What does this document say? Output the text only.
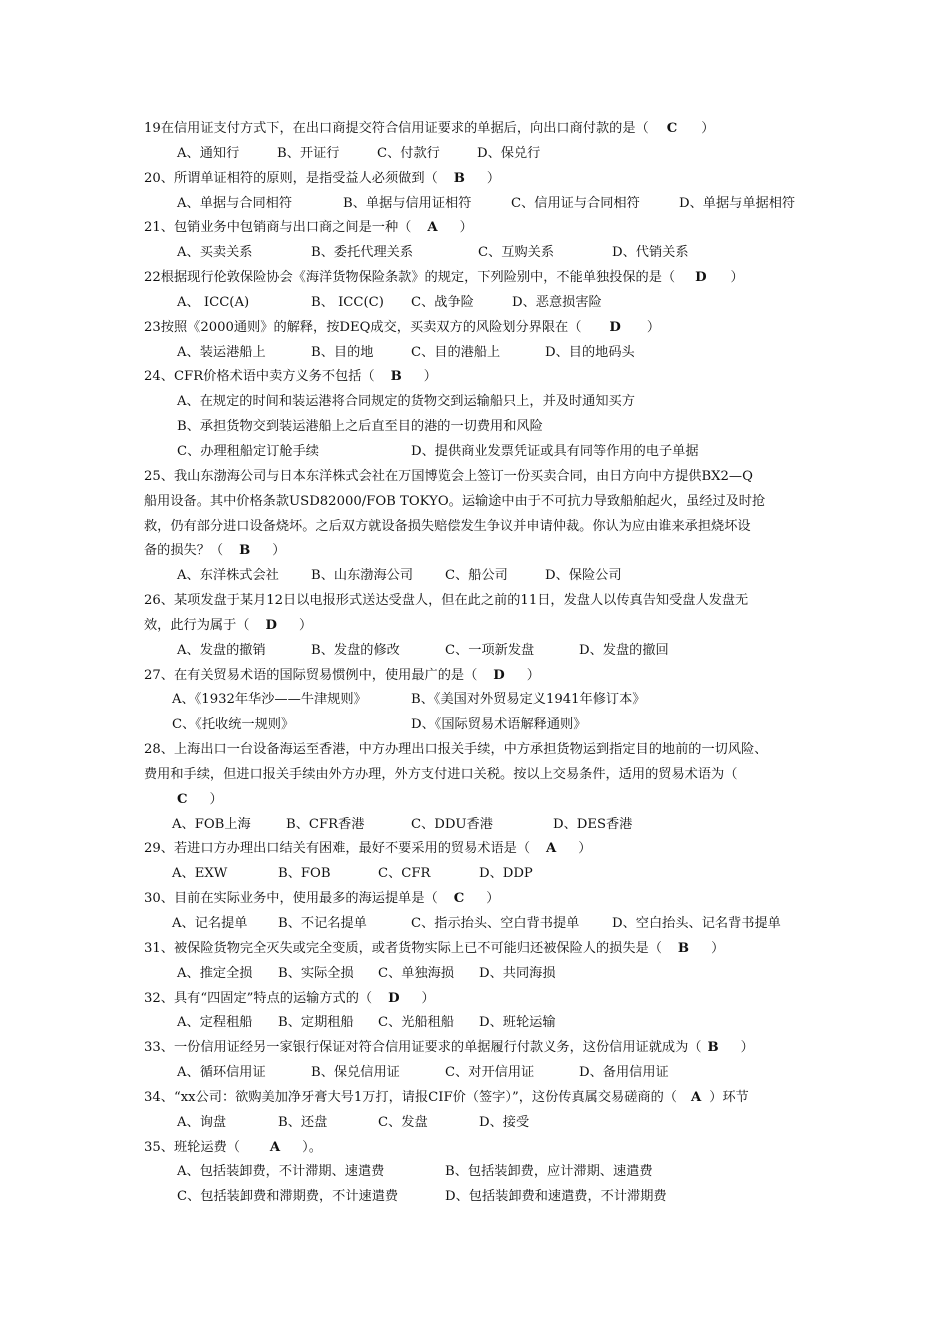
19在信用证支付方式下，在出口商提交符合信用证要求的单据后，向出口商付款的是（ C ）
A、通知行	B、开证行	C、付款行	D、保兑行
20、所谓单证相符的原则，是指受益人必须做到（ B ）
A、单据与合同相符	B、单据与信用证相符	C、信用证与合同相符	D、单据与单据相符
21、包销业务中包销商与出口商之间是一种（ A ）
A、买卖关系	B、委托代理关系	C、互购关系	D、代销关系
22根据现行伦敦保险协会《海洋货物保险条款》的规定，下列险别中，不能单独投保的是（ D ）
A、 ICC(A)	B、 ICC(C) C、战争险	D、恶意损害险
23按照《2000通则》的解释，按DEQ成交，买卖双方的风险划分界限在（ D ）
A、装运港船上	B、目的地	C、目的港船上	D、目的地码头
24、CFR价格术语中卖方义务不包括（ B ）
A、在规定的时间和装运港将合同规定的货物交到运输船只上，并及时通知买方
B、承担货物交到装运港船上之后直至目的港的一切费用和风险
C、办理租船定订舱手续	D、提供商业发票凭证或具有同等作用的电子单据
25、我山东渤海公司与日本东洋株式会社在万国博览会上签订一份买卖合同，由日方向中方提供BX2—Q
船用设备。其中价格条款USD82000/FOB TOKYO。运输途中由于不可抗力导致船舶起火，虽经过及时抢
救，仍有部分进口设备烧坏。之后双方就设备损失赔偿发生争议并申请仲裁。你认为应由谁来承担烧坏设
备的损失？（ B ）
A、东洋株式会社 B、山东渤海公司 C、船公司	D、保险公司
26、某项发盘于某月12日以电报形式送达受盘人，但在此之前的11日，发盘人以传真告知受盘人发盘无
效，此行为属于（ D ）
A、发盘的撤销	B、发盘的修改	C、一项新发盘	D、发盘的撤回
27、在有关贸易术语的国际贸易惯例中，使用最广的是（ D ）
A、《1932年华沙——牛津规则》	B、《美国对外贸易定义1941年修订本》
C、《托收统一规则》	D、《国际贸易术语解释通则》
28、上海出口一台设备海运至香港，中方办理出口报关手续，中方承担货物运到指定目的地前的一切风险、
费用和手续，但进口报关手续由外方办理，外方支付进口关税。按以上交易条件，适用的贸易术语为（
C ）
A、FOB上海	B、CFR香港	C、DDU香港	D、DES香港
29、若进口方办理出口结关有困难，最好不要采用的贸易术语是（ A ）
A、EXW	B、FOB	C、CFR	D、DDP
30、目前在实际业务中，使用最多的海运提单是（ C ）
A、记名提单 B、不记名提单	C、指示抬头、空白背书提单 D、空白抬头、记名背书提单
31、被保险货物完全灭失或完全变质，或者货物实际上已不可能归还被保险人的损失是（ B ）
A、推定全损 B、实际全损 C、单独海损 D、共同海损
32、具有“四固定”特点的运输方式的（ D ）
A、定程租船 B、定期租船 C、光船租船 D、班轮运输
33、一份信用证经另一家银行保证对符合信用证要求的单据履行付款义务，这份信用证就成为（ B ）
A、循环信用证	B、保兑信用证	C、对开信用证	D、备用信用证
34、“xx公司：欲购美加净牙膏大号1万打，请报CIF价（签字）”，这份传真属交易磋商的（ A ）环节
A、询盘	B、还盘	C、发盘	D、接受
35、班轮运费（ A ）。
A、包括装卸费，不计滞期、速遣费	B、包括装卸费，应计滞期、速遣费
C、包括装卸费和滞期费，不计速遣费	D、包括装卸费和速遣费，不计滞期费
